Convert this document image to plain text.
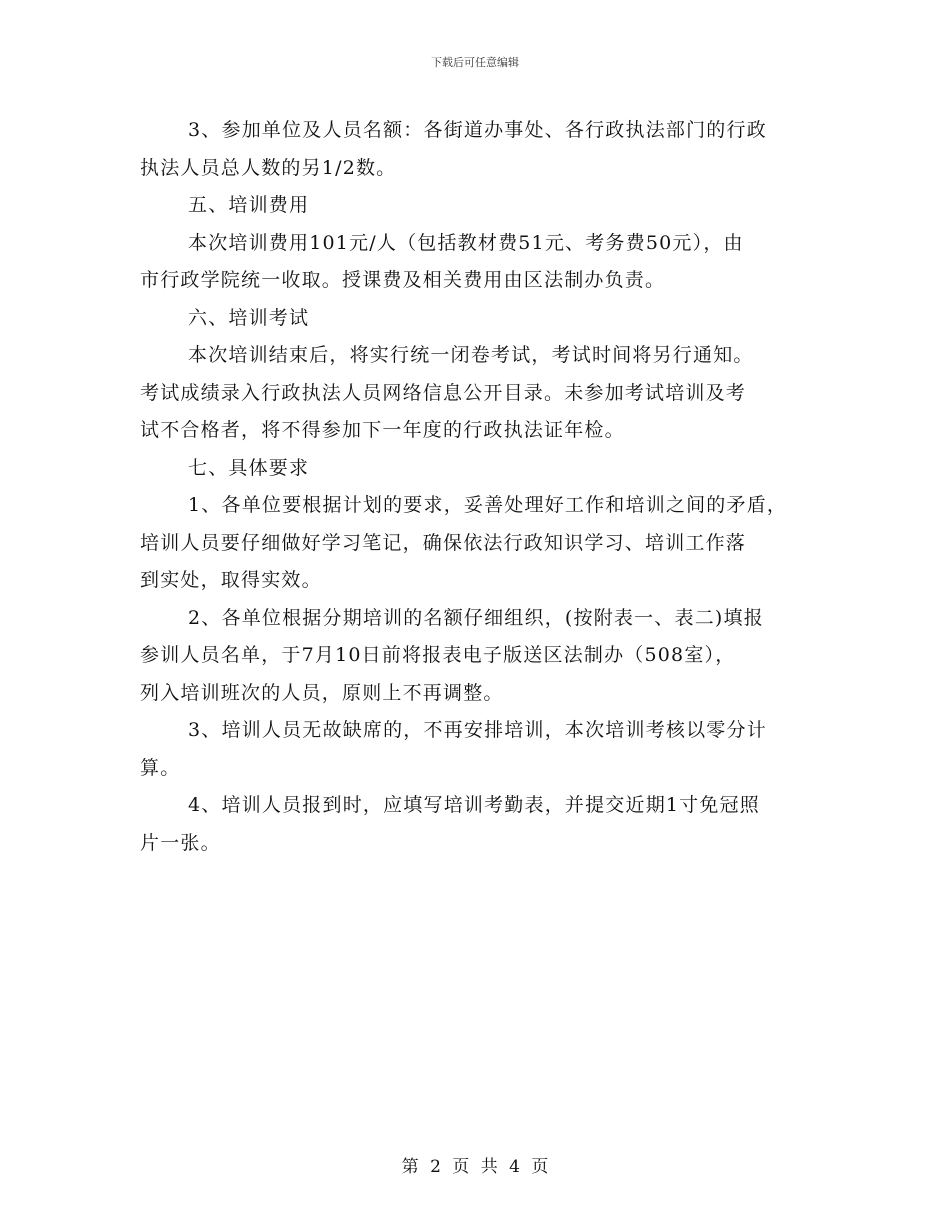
下载后可任意编辑
3、参加单位及人员名额：各街道办事处、各行政执法部门的行政
执法人员总人数的另1/2数。
五、培训费用
本次培训费用101元/人（包括教材费51元、考务费50元），由
市行政学院统一收取。授课费及相关费用由区法制办负责。
六、培训考试
本次培训结束后，将实行统一闭卷考试，考试时间将另行通知。
考试成绩录入行政执法人员网络信息公开目录。未参加考试培训及考
试不合格者，将不得参加下一年度的行政执法证年检。
七、具体要求
1、各单位要根据计划的要求，妥善处理好工作和培训之间的矛盾，
培训人员要仔细做好学习笔记，确保依法行政知识学习、培训工作落
到实处，取得实效。
2、各单位根据分期培训的名额仔细组织，(按附表一、表二)填报
参训人员名单，于7月10日前将报表电子版送区法制办（508室），
列入培训班次的人员，原则上不再调整。
3、培训人员无故缺席的，不再安排培训，本次培训考核以零分计
算。
4、培训人员报到时，应填写培训考勤表，并提交近期1寸免冠照
片一张。
第 2 页 共 4 页
